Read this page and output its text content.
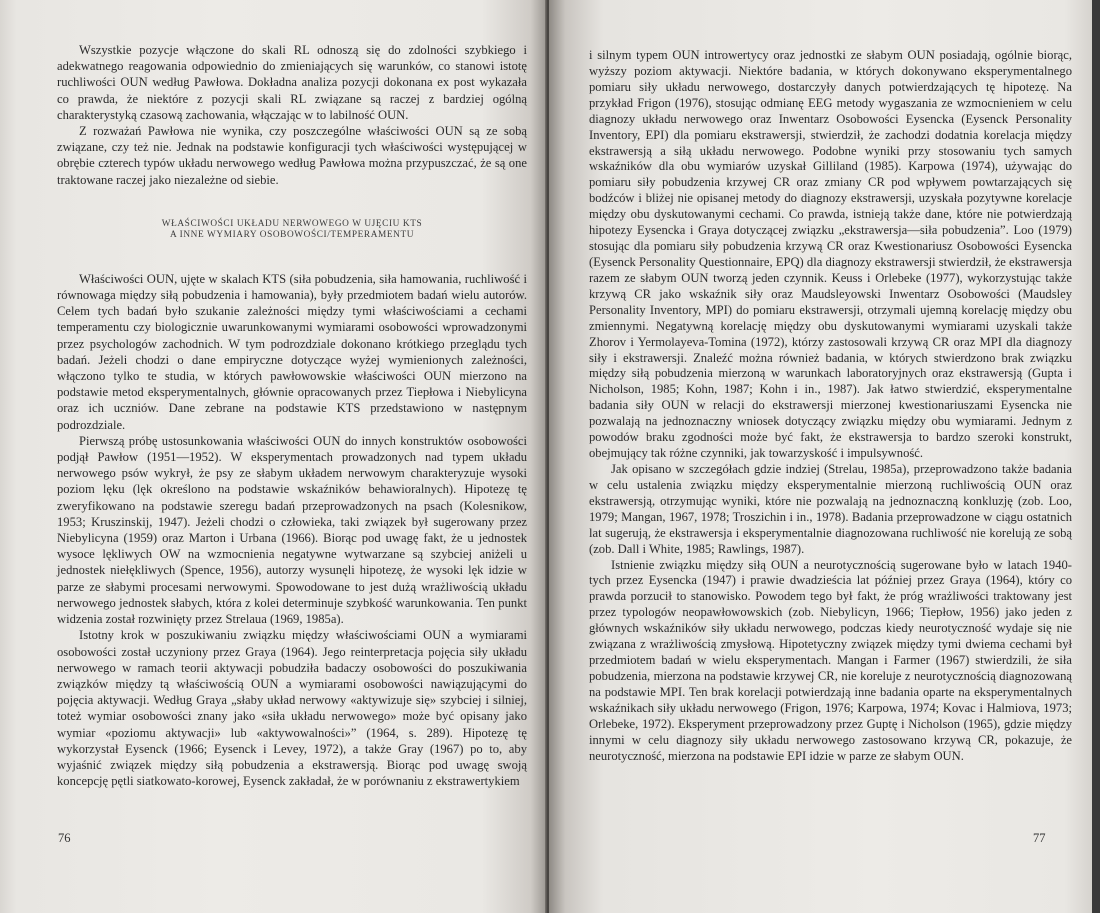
Wszystkie pozycje włączone do skali RL odnoszą się do zdolności szybkiego i adekwatnego reagowania odpowiednio do zmieniających się warunków, co stanowi istotę ruchliwości OUN według Pawłowa. Dokładna analiza pozycji dokonana ex post wykazała co prawda, że niektóre z pozycji skali RL związane są raczej z bardziej ogólną charakterystyką czasową zachowania, włączając w to labilność OUN.

Z rozważań Pawłowa nie wynika, czy poszczególne właściwości OUN są ze sobą związane, czy też nie. Jednak na podstawie konfiguracji tych właściwości występującej w obrębie czterech typów układu nerwowego według Pawłowa można przypuszczać, że są one traktowane raczej jako niezależne od siebie.

WŁAŚCIWOŚCI UKŁADU NERWOWEGO W UJĘCIU KTS
A INNE WYMIARY OSOBOWOŚCI/TEMPERAMENTU

Właściwości OUN, ujęte w skalach KTS (siła pobudzenia, siła hamowania, ruchliwość i równowaga między siłą pobudzenia i hamowania), były przedmiotem badań wielu autorów. Celem tych badań było szukanie zależności między tymi właściwościami a cechami temperamentu czy biologicznie uwarunkowanymi wymiarami osobowości wprowadzonymi przez psychologów zachodnich. W tym podrozdziale dokonano krótkiego przeglądu tych badań. Jeżeli chodzi o dane empiryczne dotyczące wyżej wymienionych zależności, włączono tylko te studia, w których pawłowowskie właściwości OUN mierzono na podstawie metod eksperymentalnych, głównie opracowanych przez Tiepłowa i Niebylicyna oraz ich uczniów. Dane zebrane na podstawie KTS przedstawiono w następnym podrozdziale.

Pierwszą próbę ustosunkowania właściwości OUN do innych konstruktów osobowości podjął Pawłow (1951—1952). W eksperymentach prowadzonych nad typem układu nerwowego psów wykrył, że psy ze słabym układem nerwowym charakteryzuje wysoki poziom lęku (lęk określono na podstawie wskaźników behawioralnych). Hipotezę tę zweryfikowano na podstawie szeregu badań przeprowadzonych na psach (Kolesnikow, 1953; Kruszinskij, 1947). Jeżeli chodzi o człowieka, taki związek był sugerowany przez Niebylicyna (1959) oraz Marton i Urbana (1966). Biorąc pod uwagę fakt, że u jednostek wysoce lękliwych OW na wzmocnienia negatywne wytwarzane są szybciej aniżeli u jednostek niełękliwych (Spence, 1956), autorzy wysunęli hipotezę, że wysoki lęk idzie w parze ze słabymi procesami nerwowymi. Spowodowane to jest dużą wrażliwością układu nerwowego jednostek słabych, która z kolei determinuje szybkość warunkowania. Ten punkt widzenia został rozwinięty przez Strelaua (1969, 1985a).

Istotny krok w poszukiwaniu związku między właściwościami OUN a wymiarami osobowości został uczyniony przez Graya (1964). Jego reinterpretacja pojęcia siły układu nerwowego w ramach teorii aktywacji pobudziła badaczy osobowości do poszukiwania związków między tą właściwością OUN a wymiarami osobowości nawiązującymi do pojęcia aktywacji. Według Graya „słaby układ nerwowy «aktywizuje się» szybciej i silniej, toteż wymiar osobowości znany jako «siła układu nerwowego» może być opisany jako wymiar «poziomu aktywacji» lub «aktywowalności»” (1964, s. 289). Hipotezę tę wykorzystał Eysenck (1966; Eysenck i Levey, 1972), a także Gray (1967) po to, aby wyjaśnić związek między siłą pobudzenia a ekstrawersją. Biorąc pod uwagę swoją koncepcję pętli siatkowato-korowej, Eysenck zakładał, że w porównaniu z ekstrawertykiem

76

i silnym typem OUN introwertycy oraz jednostki ze słabym OUN posiadają, ogólnie biorąc, wyższy poziom aktywacji. Niektóre badania, w których dokonywano eksperymentalnego pomiaru siły układu nerwowego, dostarczyły danych potwierdzających tę hipotezę. Na przykład Frigon (1976), stosując odmianę EEG metody wygaszania ze wzmocnieniem w celu diagnozy układu nerwowego oraz Inwentarz Osobowości Eysencka (Eysenck Personality Inventory, EPI) dla pomiaru ekstrawersji, stwierdził, że zachodzi dodatnia korelacja między ekstrawersją a siłą układu nerwowego. Podobne wyniki przy stosowaniu tych samych wskaźników dla obu wymiarów uzyskał Gilliland (1985). Karpowa (1974), używając do pomiaru siły pobudzenia krzywej CR oraz zmiany CR pod wpływem powtarzających się bodźców i bliżej nie opisanej metody do diagnozy ekstrawersji, uzyskała pozytywne korelacje między obu dyskutowanymi cechami. Co prawda, istnieją także dane, które nie potwierdzają hipotezy Eysencka i Graya dotyczącej związku „ekstrawersja—siła pobudzenia”. Loo (1979) stosując dla pomiaru siły pobudzenia krzywą CR oraz Kwestionariusz Osobowości Eysencka (Eysenck Personality Questionnaire, EPQ) dla diagnozy ekstrawersji stwierdził, że ekstrawersja razem ze słabym OUN tworzą jeden czynnik. Keuss i Orlebeke (1977), wykorzystując także krzywą CR jako wskaźnik siły oraz Maudsleyowski Inwentarz Osobowości (Maudsley Personality Inventory, MPI) do pomiaru ekstrawersji, otrzymali ujemną korelację między obu zmiennymi. Negatywną korelację między obu dyskutowanymi wymiarami uzyskali także Zhorov i Yermolayeva-Tomina (1972), którzy zastosowali krzywą CR oraz MPI dla diagnozy siły i ekstrawersji. Znaleźć można również badania, w których stwierdzono brak związku między siłą pobudzenia mierzoną w warunkach laboratoryjnych oraz ekstrawersją (Gupta i Nicholson, 1985; Kohn, 1987; Kohn i in., 1987). Jak łatwo stwierdzić, eksperymentalne badania siły OUN w relacji do ekstrawersji mierzonej kwestionariuszami Eysencka nie pozwalają na jednoznaczny wniosek dotyczący związku między obu wymiarami. Jednym z powodów braku zgodności może być fakt, że ekstrawersja to bardzo szeroki konstrukt, obejmujący tak różne czynniki, jak towarzyskość i impulsywność.

Jak opisano w szczegółach gdzie indziej (Strelau, 1985a), przeprowadzono także badania w celu ustalenia związku między eksperymentalnie mierzoną ruchliwością OUN oraz ekstrawersją, otrzymując wyniki, które nie pozwalają na jednoznaczną konkluzję (zob. Loo, 1979; Mangan, 1967, 1978; Troszichin i in., 1978). Badania przeprowadzone w ciągu ostatnich lat sugerują, że ekstrawersja i eksperymentalnie diagnozowana ruchliwość nie korelują ze sobą (zob. Dall i White, 1985; Rawlings, 1987).

Istnienie związku między siłą OUN a neurotycznością sugerowane było w latach 1940-tych przez Eysencka (1947) i prawie dwadzieścia lat później przez Graya (1964), który co prawda porzucił to stanowisko. Powodem tego był fakt, że próg wrażliwości traktowany jest przez typologów neopawłowowskich (zob. Niebylicyn, 1966; Tiepłow, 1956) jako jeden z głównych wskaźników siły układu nerwowego, podczas kiedy neurotyczność wydaje się nie związana z wrażliwością zmysłową. Hipotetyczny związek między tymi dwiema cechami był przedmiotem badań w wielu eksperymentach. Mangan i Farmer (1967) stwierdzili, że siła pobudzenia, mierzona na podstawie krzywej CR, nie koreluje z neurotycznością diagnozowaną na podstawie MPI. Ten brak korelacji potwierdzają inne badania oparte na eksperymentalnych wskaźnikach siły układu nerwowego (Frigon, 1976; Karpowa, 1974; Kovac i Halmiova, 1973; Orlebeke, 1972). Eksperyment przeprowadzony przez Guptę i Nicholson (1965), gdzie między innymi w celu diagnozy siły układu nerwowego zastosowano krzywą CR, pokazuje, że neurotyczność, mierzona na podstawie EPI idzie w parze ze słabym OUN.

77
